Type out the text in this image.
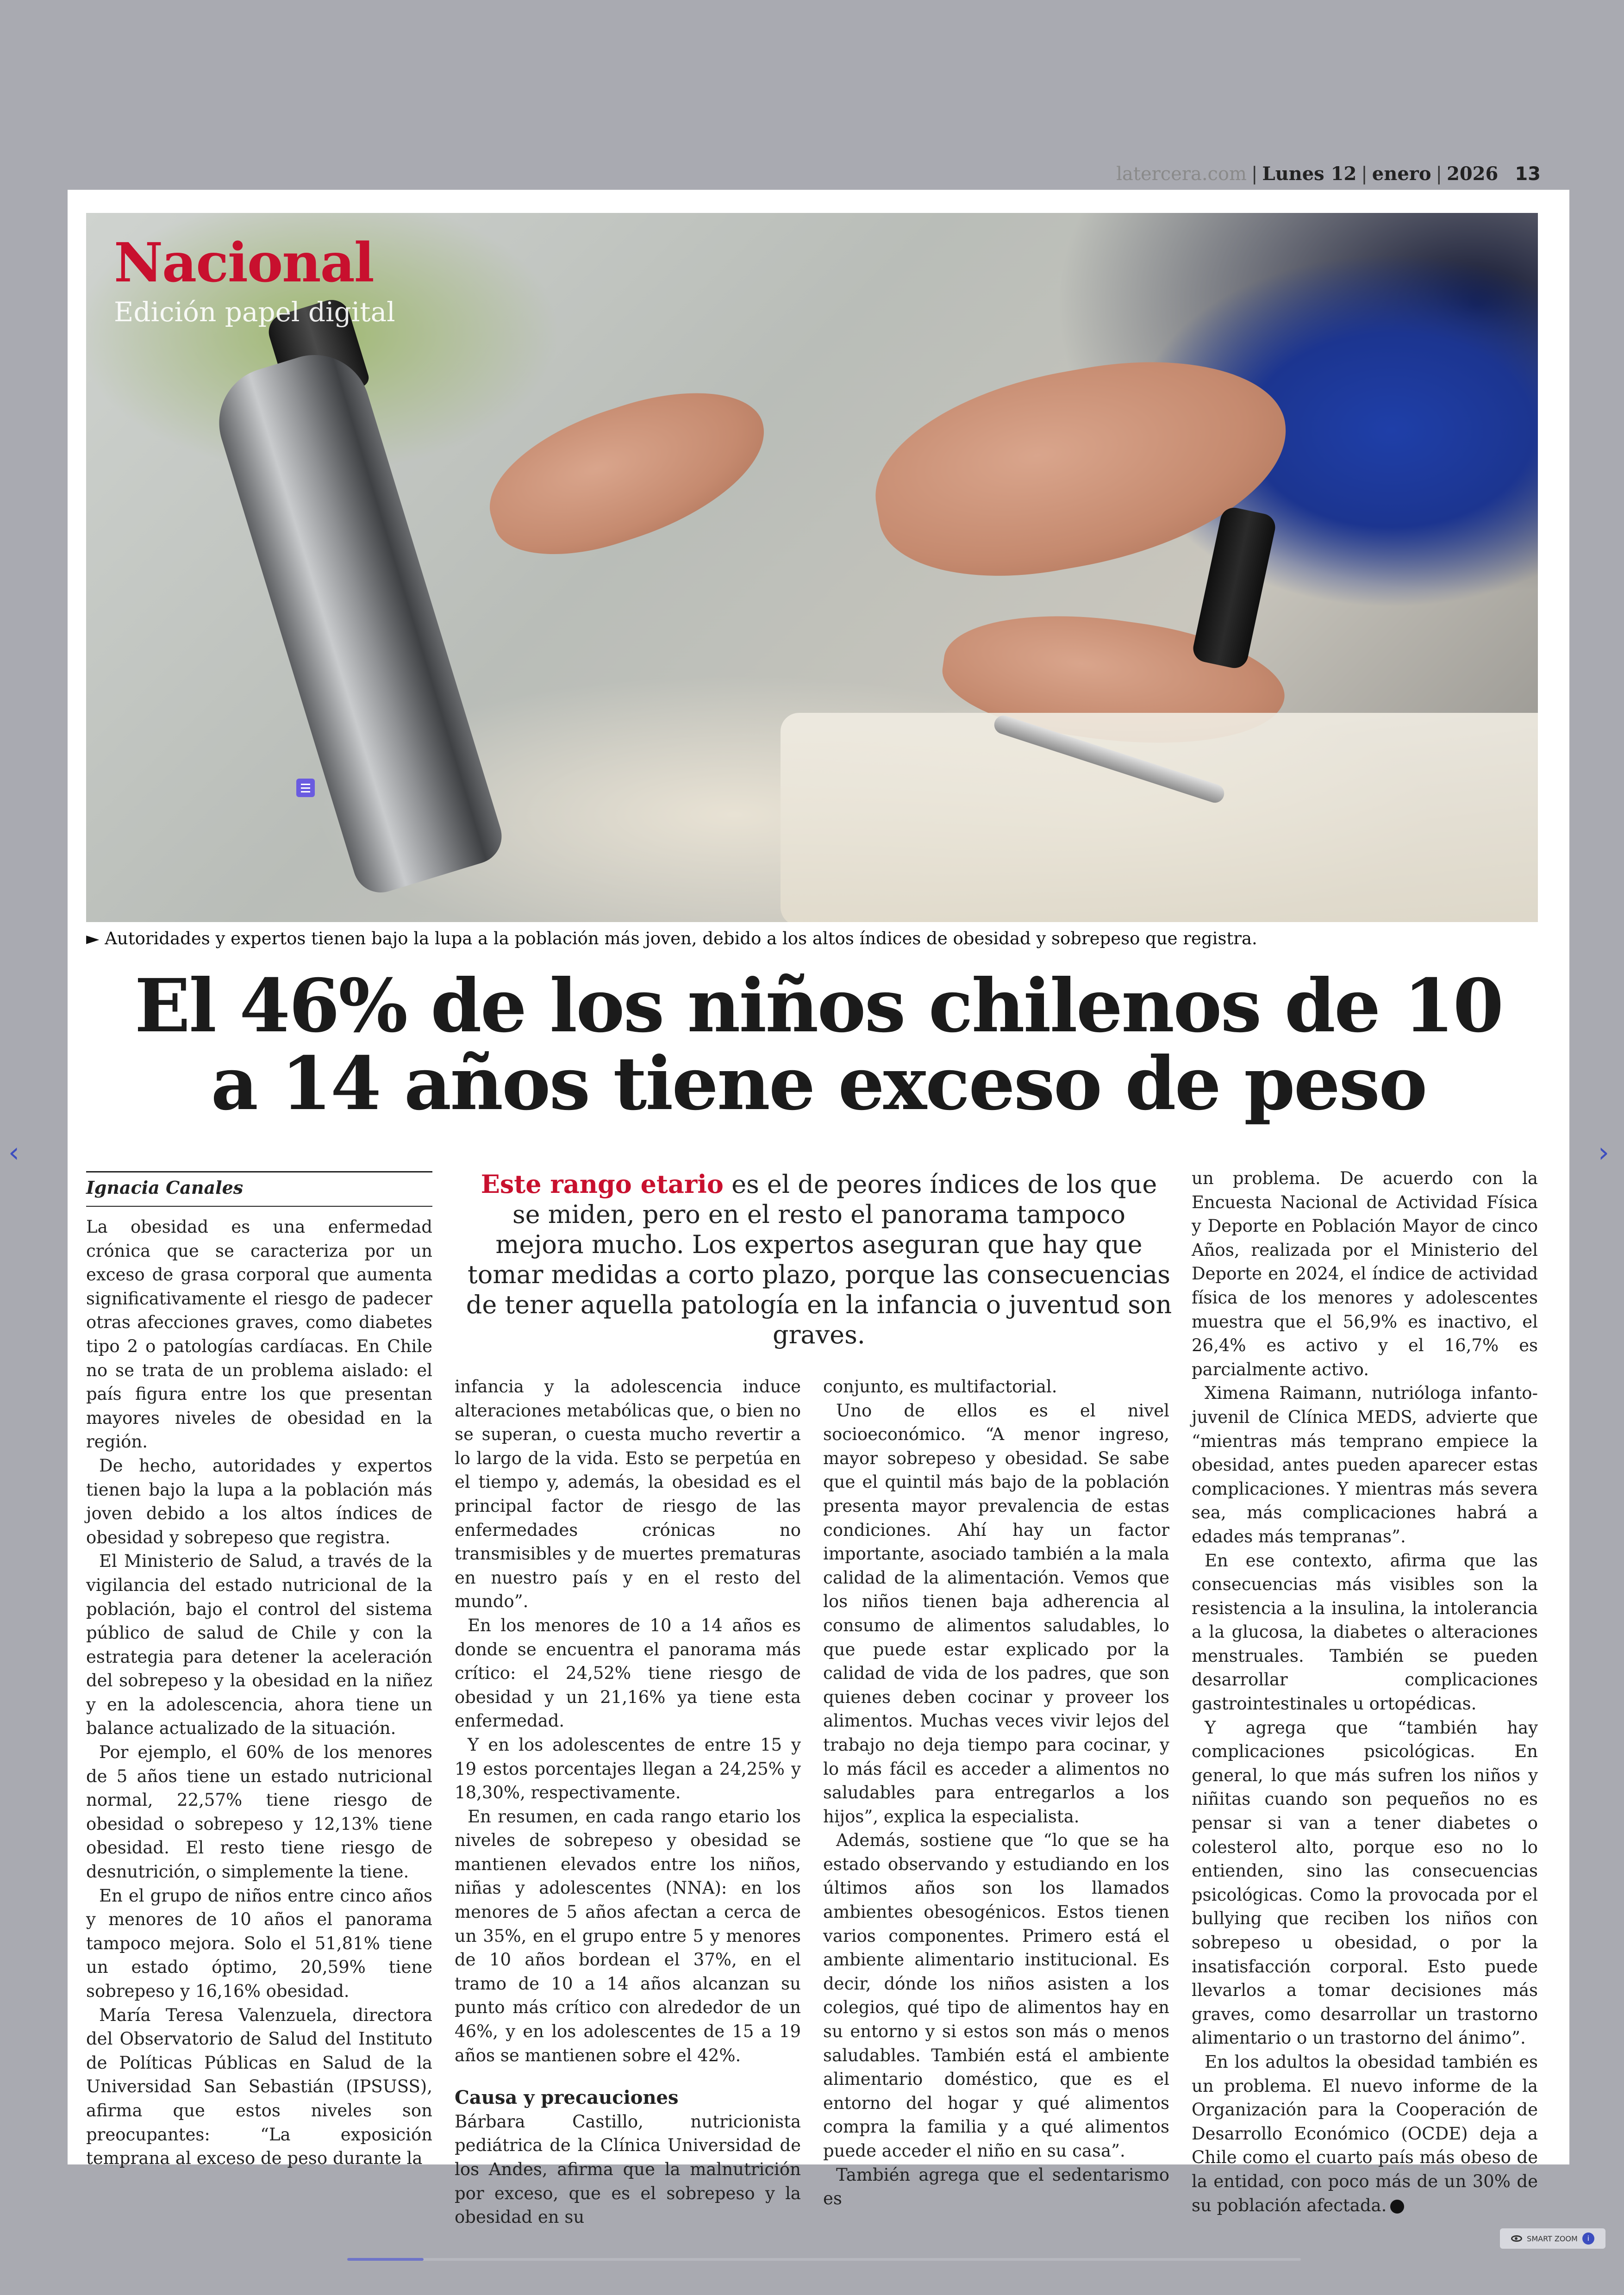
latercera.com | Lunes 12 | enero | 2026 13
‹	›
Nacional
Edición papel digital
► Autoridades y expertos tienen bajo la lupa a la población más joven, debido a los altos índices de obesidad y sobrepeso que registra.
El 46% de los niños chilenos de 10 a 14 años tiene exceso de peso
Ignacia Canales	Este rango etario es el de peores índices de los que se miden, pero en el resto el panorama tampoco mejora mucho. Los expertos aseguran que hay que tomar medidas a corto plazo, porque las consecuencias de tener aquella patología en la infancia o juventud son graves.

La obesidad es una enfermedad crónica que se caracteriza por un exceso de grasa corporal que aumenta significativamente el riesgo de padecer otras afecciones graves, como diabetes tipo 2 o patologías cardíacas. En Chile no se trata de un problema aislado: el país figura entre los que presentan mayores niveles de obesidad en la región.

De hecho, autoridades y expertos tienen bajo la lupa a la población más joven debido a los altos índices de obesidad y sobrepeso que registra.

El Ministerio de Salud, a través de la vigilancia del estado nutricional de la población, bajo el control del sistema público de salud de Chile y con la estrategia para detener la aceleración del sobrepeso y la obesidad en la niñez y en la adolescencia, ahora tiene un balance actualizado de la situación.

Por ejemplo, el 60% de los menores de 5 años tiene un estado nutricional normal, 22,57% tiene riesgo de obesidad o sobrepeso y 12,13% tiene obesidad. El resto tiene riesgo de desnutrición, o simplemente la tiene.

En el grupo de niños entre cinco años y menores de 10 años el panorama tampoco mejora. Solo el 51,81% tiene un estado óptimo, 20,59% tiene sobrepeso y 16,16% obesidad.

María Teresa Valenzuela, directora del Observatorio de Salud del Instituto de Políticas Públicas en Salud de la Universidad San Sebastián (IPSUSS), afirma que estos niveles son preocupantes: “La exposición temprana al exceso de peso durante la

infancia y la adolescencia induce alteraciones metabólicas que, o bien no se superan, o cuesta mucho revertir a lo largo de la vida. Esto se perpetúa en el tiempo y, además, la obesidad es el principal factor de riesgo de las enfermedades crónicas no transmisibles y de muertes prematuras en nuestro país y en el resto del mundo”.

En los menores de 10 a 14 años es donde se encuentra el panorama más crítico: el 24,52% tiene riesgo de obesidad y un 21,16% ya tiene esta enfermedad.

Y en los adolescentes de entre 15 y 19 estos porcentajes llegan a 24,25% y 18,30%, respectivamente.

En resumen, en cada rango etario los niveles de sobrepeso y obesidad se mantienen elevados entre los niños, niñas y adolescentes (NNA): en los menores de 5 años afectan a cerca de un 35%, en el grupo entre 5 y menores de 10 años bordean el 37%, en el tramo de 10 a 14 años alcanzan su punto más crítico con alrededor de un 46%, y en los adolescentes de 15 a 19 años se mantienen sobre el 42%.

Causa y precauciones

Bárbara Castillo, nutricionista pediátrica de la Clínica Universidad de los Andes, afirma que la malnutrición por exceso, que es el sobrepeso y la obesidad en su

conjunto, es multifactorial.

Uno de ellos es el nivel socioeconómico. “A menor ingreso, mayor sobrepeso y obesidad. Se sabe que el quintil más bajo de la población presenta mayor prevalencia de estas condiciones. Ahí hay un factor importante, asociado también a la mala calidad de la alimentación. Vemos que los niños tienen baja adherencia al consumo de alimentos saludables, lo que puede estar explicado por la calidad de vida de los padres, que son quienes deben cocinar y proveer los alimentos. Muchas veces vivir lejos del trabajo no deja tiempo para cocinar, y lo más fácil es acceder a alimentos no saludables para entregarlos a los hijos”, explica la especialista.

Además, sostiene que “lo que se ha estado observando y estudiando en los últimos años son los llamados ambientes obesogénicos. Estos tienen varios componentes. Primero está el ambiente alimentario institucional. Es decir, dónde los niños asisten a los colegios, qué tipo de alimentos hay en su entorno y si estos son más o menos saludables. También está el ambiente alimentario doméstico, que es el entorno del hogar y qué alimentos compra la familia y a qué alimentos puede acceder el niño en su casa”.

También agrega que el sedentarismo es

un problema. De acuerdo con la Encuesta Nacional de Actividad Física y Deporte en Población Mayor de cinco Años, realizada por el Ministerio del Deporte en 2024, el índice de actividad física de los menores y adolescentes muestra que el 56,9% es inactivo, el 26,4% es activo y el 16,7% es parcialmente activo.

Ximena Raimann, nutrióloga infanto-juvenil de Clínica MEDS, advierte que “mientras más temprano empiece la obesidad, antes pueden aparecer estas complicaciones. Y mientras más severa sea, más complicaciones habrá a edades más tempranas”.

En ese contexto, afirma que las consecuencias más visibles son la resistencia a la insulina, la intolerancia a la glucosa, la diabetes o alteraciones menstruales. También se pueden desarrollar complicaciones gastrointestinales u ortopédicas.

Y agrega que “también hay complicaciones psicológicas. En general, lo que más sufren los niños y niñitas cuando son pequeños no es pensar si van a tener diabetes o colesterol alto, porque eso no lo entienden, sino las consecuencias psicológicas. Como la provocada por el bullying que reciben los niños con sobrepeso u obesidad, o por la insatisfacción corporal. Esto puede llevarlos a tomar decisiones más graves, como desarrollar un trastorno alimentario o un trastorno del ánimo”.

En los adultos la obesidad también es un problema. El nuevo informe de la Organización para la Cooperación de Desarrollo Económico (OCDE) deja a Chile como el cuarto país más obeso de la entidad, con poco más de un 30% de su población afectada.

SMART ZOOM	i
